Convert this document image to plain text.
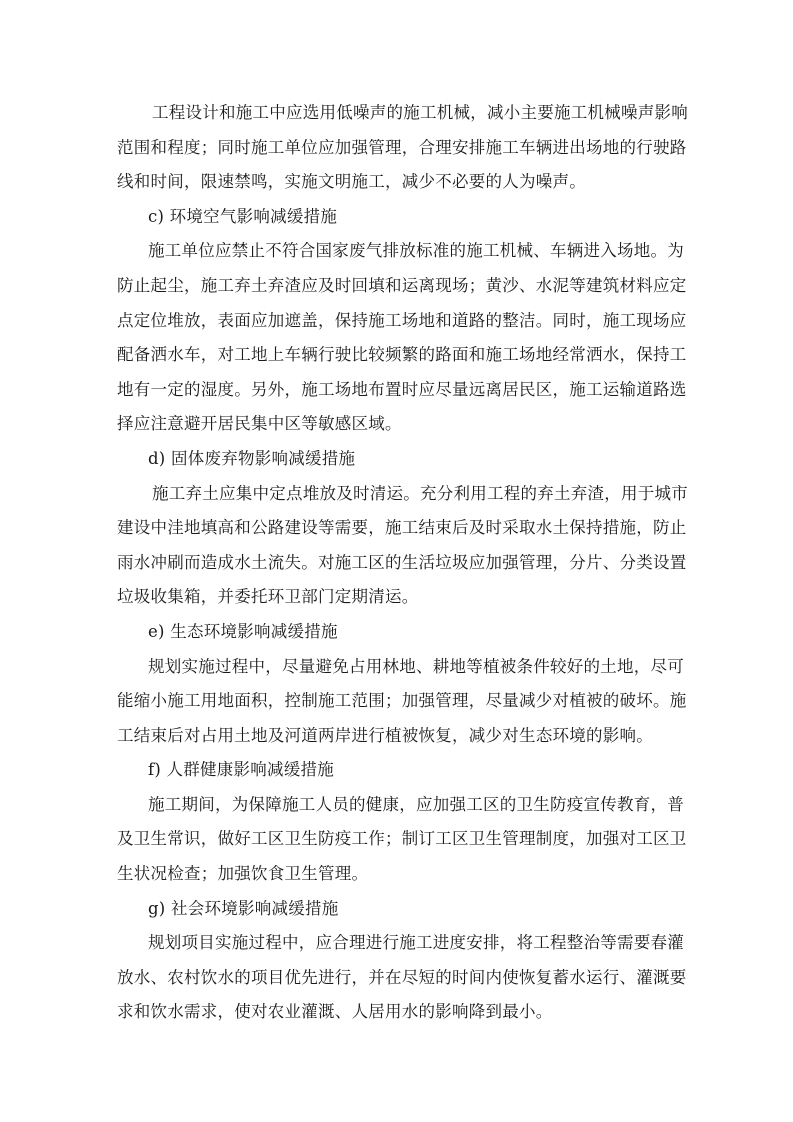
工程设计和施工中应选用低噪声的施工机械，减小主要施工机械噪声影响
范围和程度；同时施工单位应加强管理，合理安排施工车辆进出场地的行驶路
线和时间，限速禁鸣，实施文明施工，减少不必要的人为噪声。

c) 环境空气影响减缓措施

施工单位应禁止不符合国家废气排放标准的施工机械、车辆进入场地。为
防止起尘，施工弃土弃渣应及时回填和运离现场；黄沙、水泥等建筑材料应定
点定位堆放，表面应加遮盖，保持施工场地和道路的整洁。同时，施工现场应
配备洒水车，对工地上车辆行驶比较频繁的路面和施工场地经常洒水，保持工
地有一定的湿度。另外，施工场地布置时应尽量远离居民区，施工运输道路选
择应注意避开居民集中区等敏感区域。

d) 固体废弃物影响减缓措施

施工弃土应集中定点堆放及时清运。充分利用工程的弃土弃渣，用于城市
建设中洼地填高和公路建设等需要，施工结束后及时采取水土保持措施，防止
雨水冲刷而造成水土流失。对施工区的生活垃圾应加强管理，分片、分类设置
垃圾收集箱，并委托环卫部门定期清运。

e) 生态环境影响减缓措施

规划实施过程中，尽量避免占用林地、耕地等植被条件较好的土地，尽可
能缩小施工用地面积，控制施工范围；加强管理，尽量减少对植被的破坏。施
工结束后对占用土地及河道两岸进行植被恢复，减少对生态环境的影响。

f) 人群健康影响减缓措施

施工期间，为保障施工人员的健康，应加强工区的卫生防疫宣传教育，普
及卫生常识，做好工区卫生防疫工作；制订工区卫生管理制度，加强对工区卫
生状况检查；加强饮食卫生管理。

g) 社会环境影响减缓措施

规划项目实施过程中，应合理进行施工进度安排，将工程整治等需要春灌
放水、农村饮水的项目优先进行，并在尽短的时间内使恢复蓄水运行、灌溉要
求和饮水需求，使对农业灌溉、人居用水的影响降到最小。
